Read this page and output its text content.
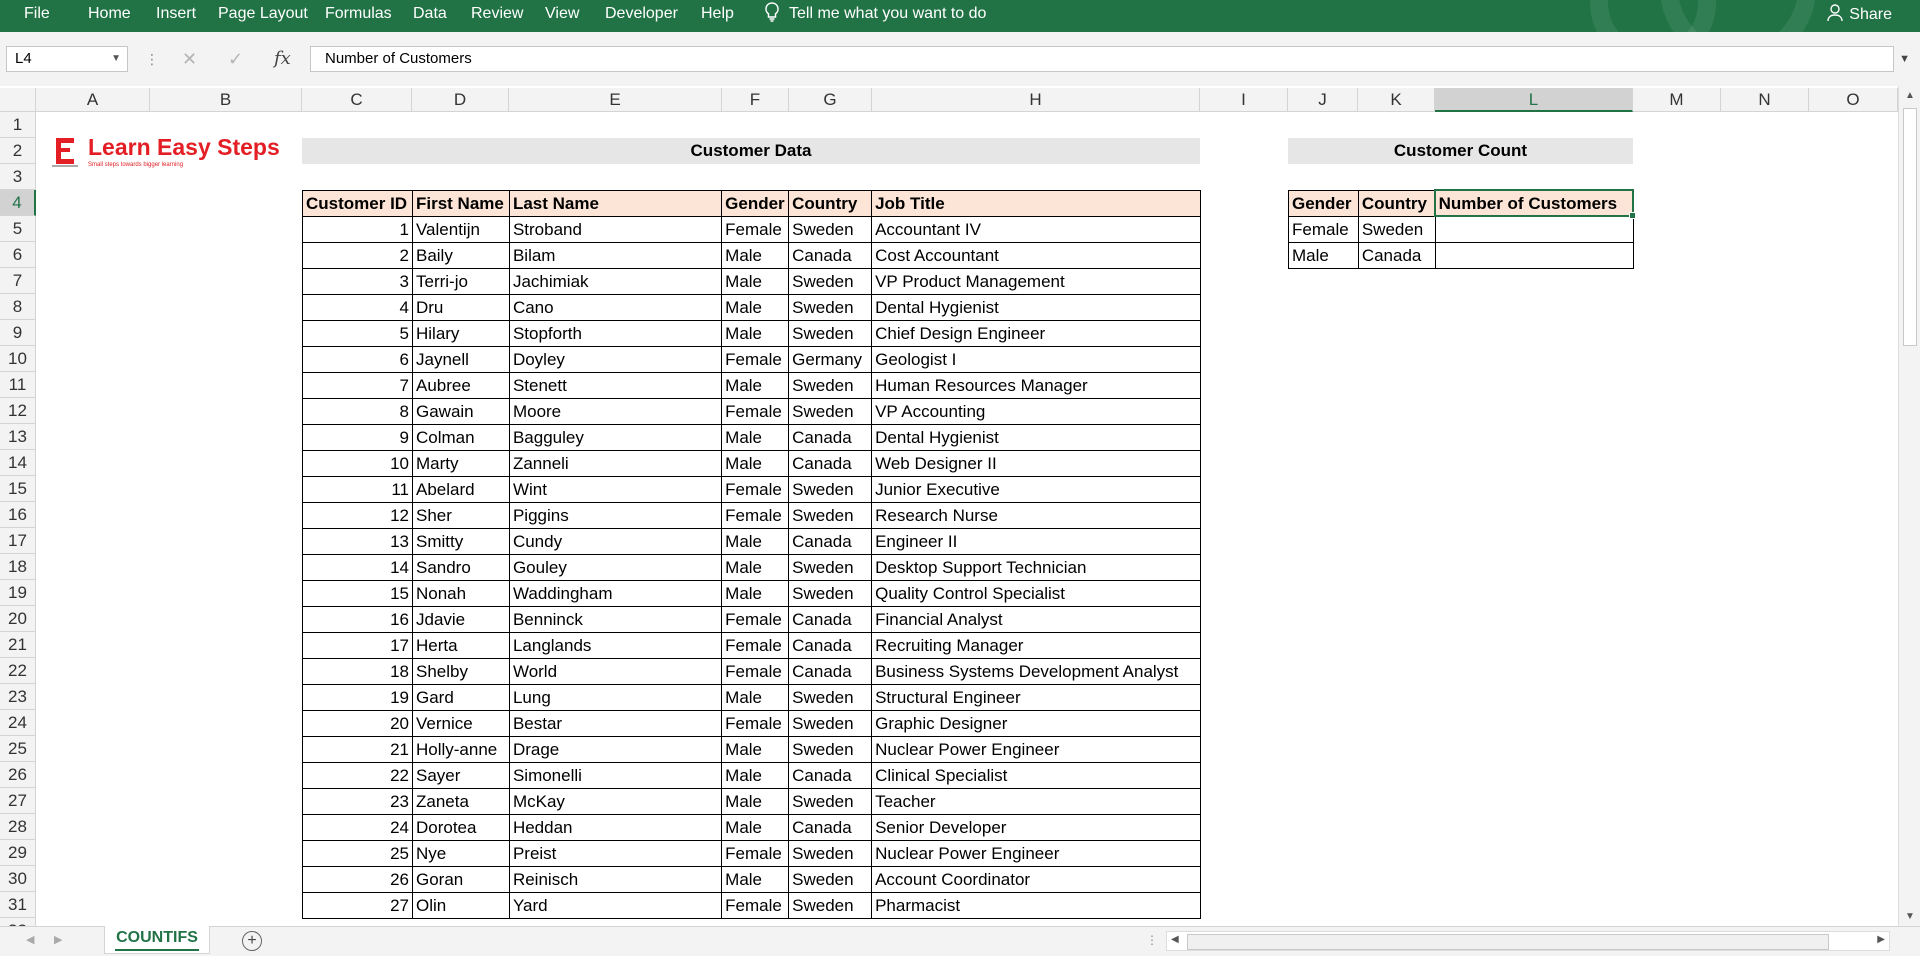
File Home Insert Page Layout Formulas Data Review View Developer Help	Tell me what you want to do	Share
L4	▼ ⋮ ✕ ✓ fx	Number of Customers	▼
A	B	C	D	E	F	G	H	I	J	K	L	M	N	O
1
2
3
4
5
6
7
8
9
10
11
12
13
14
15
16
17
18
19
20
21
22
23
24
25
26
27
28
29
30
31
Learn Easy Steps
Small steps towards bigger learning
Customer Data	Customer Count
Customer ID	First Name	Last Name	Gender	Country	Job Title
1	Valentijn	Stroband	Female	Sweden	Accountant IV
2	Baily	Bilam	Male	Canada	Cost Accountant
3	Terri-jo	Jachimiak	Male	Sweden	VP Product Management
4	Dru	Cano	Male	Sweden	Dental Hygienist
5	Hilary	Stopforth	Male	Sweden	Chief Design Engineer
6	Jaynell	Doyley	Female	Germany	Geologist I
7	Aubree	Stenett	Male	Sweden	Human Resources Manager
8	Gawain	Moore	Female	Sweden	VP Accounting
9	Colman	Bagguley	Male	Canada	Dental Hygienist
10	Marty	Zanneli	Male	Canada	Web Designer II
11	Abelard	Wint	Female	Sweden	Junior Executive
12	Sher	Piggins	Female	Sweden	Research Nurse
13	Smitty	Cundy	Male	Canada	Engineer II
14	Sandro	Gouley	Male	Sweden	Desktop Support Technician
15	Nonah	Waddingham	Male	Sweden	Quality Control Specialist
16	Jdavie	Benninck	Female	Canada	Financial Analyst
17	Herta	Langlands	Female	Canada	Recruiting Manager
18	Shelby	World	Female	Canada	Business Systems Development Analyst
19	Gard	Lung	Male	Sweden	Structural Engineer
20	Vernice	Bestar	Female	Sweden	Graphic Designer
21	Holly-anne	Drage	Male	Sweden	Nuclear Power Engineer
22	Sayer	Simonelli	Male	Canada	Clinical Specialist
23	Zaneta	McKay	Male	Sweden	Teacher
24	Dorotea	Heddan	Male	Canada	Senior Developer
25	Nye	Preist	Female	Sweden	Nuclear Power Engineer
26	Goran	Reinisch	Male	Sweden	Account Coordinator
27	Olin	Yard	Female	Sweden	Pharmacist
Gender	Country	Number of Customers
Female	Sweden	
Male	Canada	
▲
▼
◀ ▶	COUNTIFS	+	⋮ ◀	▶
